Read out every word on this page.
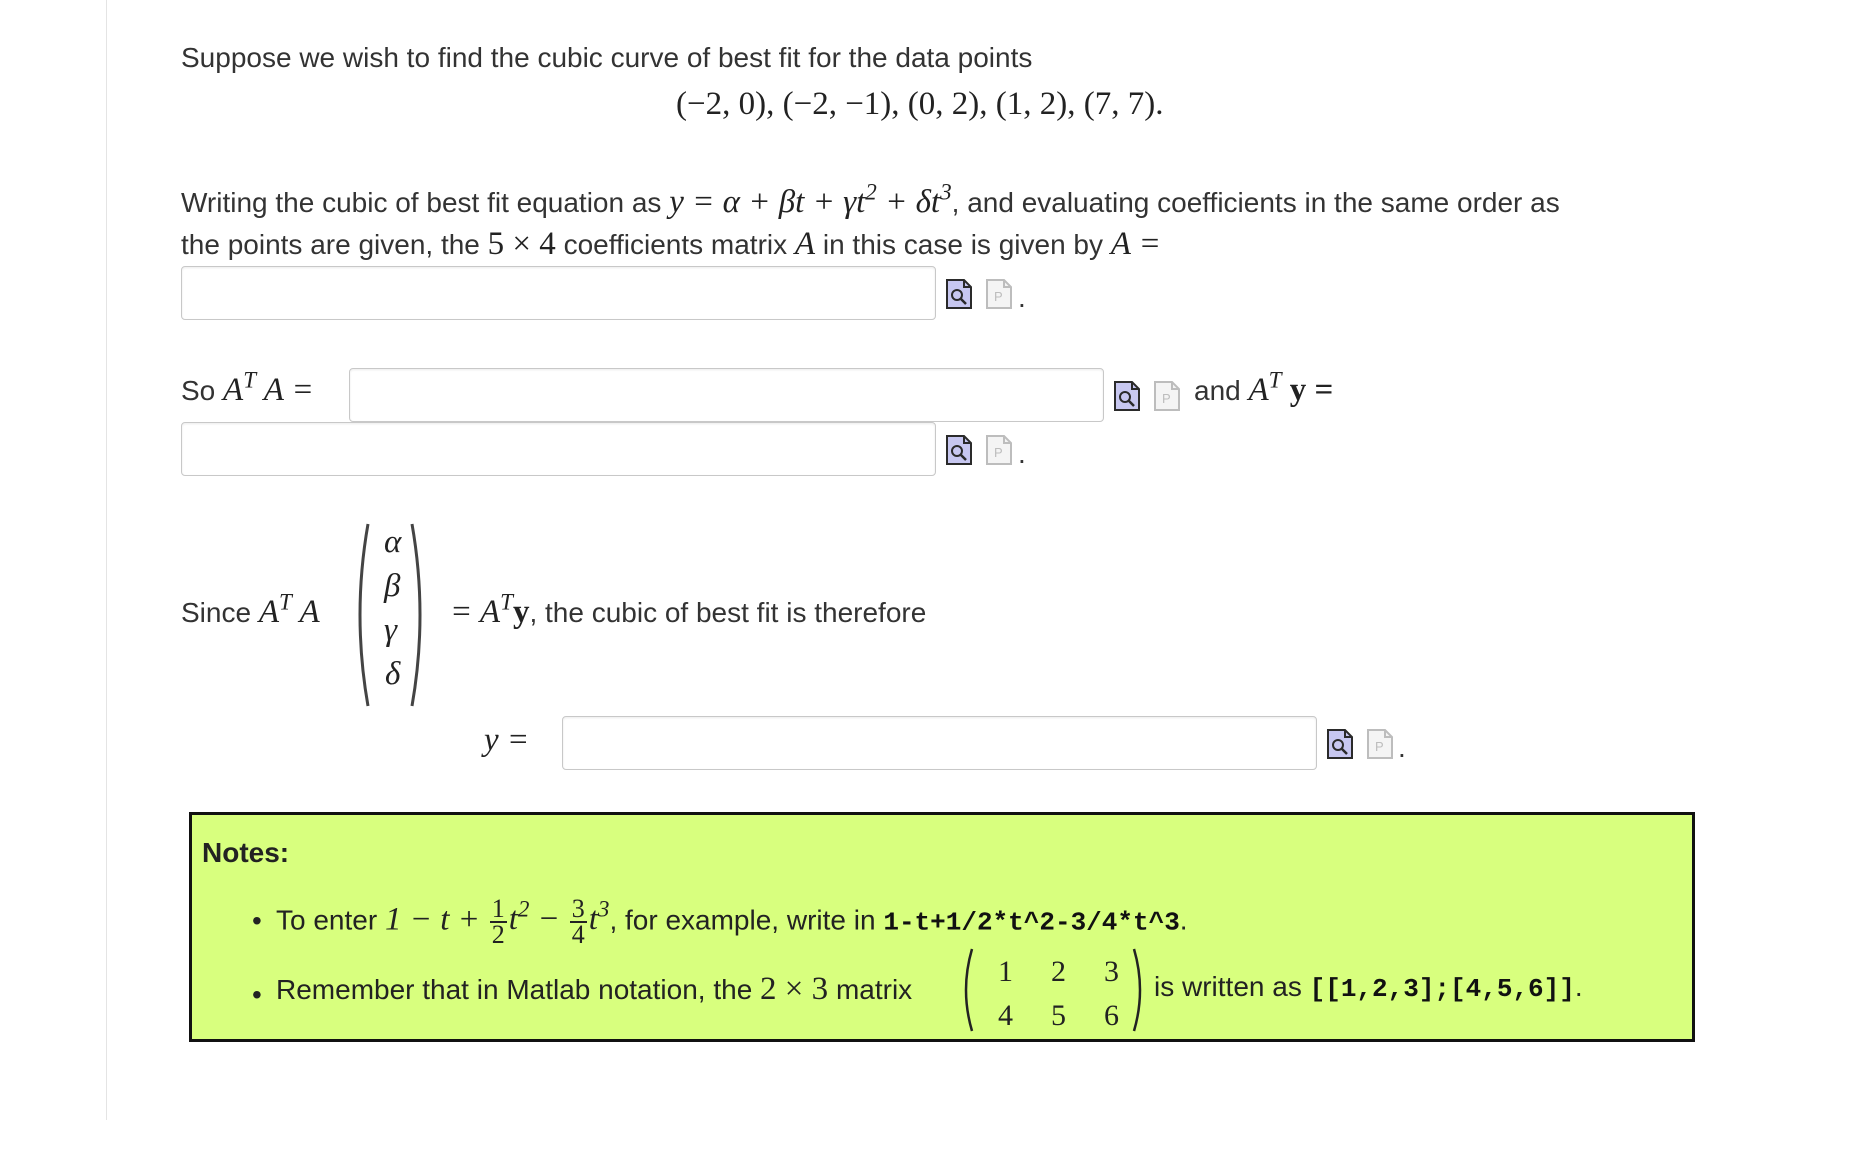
Suppose we wish to find the cubic curve of best fit for the data points
(−2, 0), (−2, −1), (0, 2), (1, 2), (7, 7).
Writing the cubic of best fit equation as $y = \alpha + \beta t + \gamma t^2 + \delta t^3$, and evaluating coefficients in the same order as
the points are given, the 5 × 4 coefficients matrix A in this case is given by A =
P .
So $A^T$ A =	P and $A^T$ y =
P .
Since $A^T$ A
α
β
γ
δ
= $A^Ty$, the cubic of best fit is therefore
y =	P .
Notes:
• To enter $1 - t + \frac{1}{2} t^2 - \frac{3}{4} t^3$, for example, write in 1-t+1/2*t^2-3/4*t^3.
• Remember that in Matlab notation, the 2 × 3 matrix
1 2 3
4 5 6
is written as [[1,2,3];[4,5,6]].
